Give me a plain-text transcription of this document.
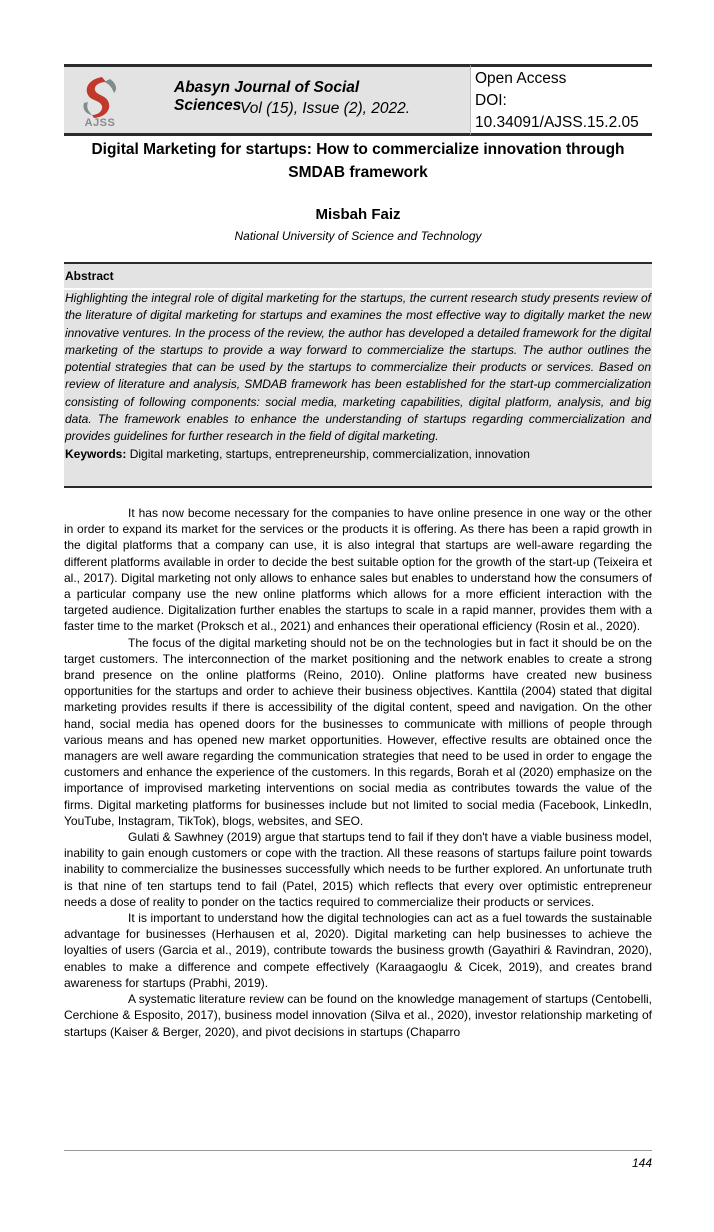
AJSS
Abasyn Journal of Social Sciences
Vol (15), Issue (2), 2022.
Open Access
DOI:
10.34091/AJSS.15.2.05
Digital Marketing for startups: How to commercialize innovation through SMDAB framework
Misbah Faiz
National University of Science and Technology
Abstract

Highlighting the integral role of digital marketing for the startups, the current research study presents review of the literature of digital marketing for startups and examines the most effective way to digitally market the new innovative ventures. In the process of the review, the author has developed a detailed framework for the digital marketing of the startups to provide a way forward to commercialize the startups. The author outlines the potential strategies that can be used by the startups to commercialize their products or services. Based on review of literature and analysis, SMDAB framework has been established for the start-up commercialization consisting of following components: social media, marketing capabilities, digital platform, analysis, and big data. The framework enables to enhance the understanding of startups regarding commercialization and provides guidelines for further research in the field of digital marketing.

Keywords: Digital marketing, startups, entrepreneurship, commercialization, innovation

It has now become necessary for the companies to have online presence in one way or the other in order to expand its market for the services or the products it is offering. As there has been a rapid growth in the digital platforms that a company can use, it is also integral that startups are well-aware regarding the different platforms available in order to decide the best suitable option for the growth of the start-up (Teixeira et al., 2017). Digital marketing not only allows to enhance sales but enables to understand how the consumers of a particular company use the new online platforms which allows for a more efficient interaction with the targeted audience. Digitalization further enables the startups to scale in a rapid manner, provides them with a faster time to the market (Proksch et al., 2021) and enhances their operational efficiency (Rosin et al., 2020).

The focus of the digital marketing should not be on the technologies but in fact it should be on the target customers. The interconnection of the market positioning and the network enables to create a strong brand presence on the online platforms (Reino, 2010). Online platforms have created new business opportunities for the startups and order to achieve their business objectives. Kanttila (2004) stated that digital marketing provides results if there is accessibility of the digital content, speed and navigation. On the other hand, social media has opened doors for the businesses to communicate with millions of people through various means and has opened new market opportunities. However, effective results are obtained once the managers are well aware regarding the communication strategies that need to be used in order to engage the customers and enhance the experience of the customers. In this regards, Borah et al (2020) emphasize on the importance of improvised marketing interventions on social media as contributes towards the value of the firms. Digital marketing platforms for businesses include but not limited to social media (Facebook, LinkedIn, YouTube, Instagram, TikTok), blogs, websites, and SEO.

Gulati & Sawhney (2019) argue that startups tend to fail if they don't have a viable business model, inability to gain enough customers or cope with the traction. All these reasons of startups failure point towards inability to commercialize the businesses successfully which needs to be further explored. An unfortunate truth is that nine of ten startups tend to fail (Patel, 2015) which reflects that every over optimistic entrepreneur needs a dose of reality to ponder on the tactics required to commercialize their products or services.

It is important to understand how the digital technologies can act as a fuel towards the sustainable advantage for businesses (Herhausen et al, 2020). Digital marketing can help businesses to achieve the loyalties of users (Garcia et al., 2019), contribute towards the business growth (Gayathiri & Ravindran, 2020), enables to make a difference and compete effectively (Karaagaoglu & Cicek, 2019), and creates brand awareness for startups (Prabhi, 2019).

A systematic literature review can be found on the knowledge management of startups (Centobelli, Cerchione & Esposito, 2017), business model innovation (Silva et al., 2020), investor relationship marketing of startups (Kaiser & Berger, 2020), and pivot decisions in startups (Chaparro

144
